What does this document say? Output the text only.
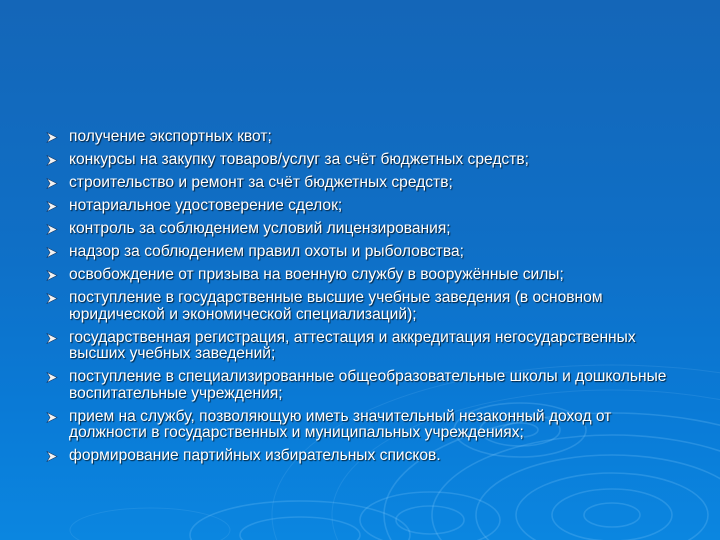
получение экспортных квот;
конкурсы на закупку товаров/услуг за счёт бюджетных средств;
строительство и ремонт за счёт бюджетных средств;
нотариальное удостоверение сделок;
контроль за соблюдением условий лицензирования;
надзор за соблюдением правил охоты и рыболовства;
освобождение от призыва на военную службу в вооружённые силы;
поступление в государственные высшие учебные заведения (в основном юридической и экономической специализаций);
государственная регистрация, аттестация и аккредитация негосударственных высших учебных заведений;
поступление в специализированные общеобразовательные школы и дошкольные воспитательные учреждения;
прием на службу, позволяющую иметь значительный незаконный доход от должности в государственных и муниципальных учреждениях;
формирование партийных избирательных списков.
